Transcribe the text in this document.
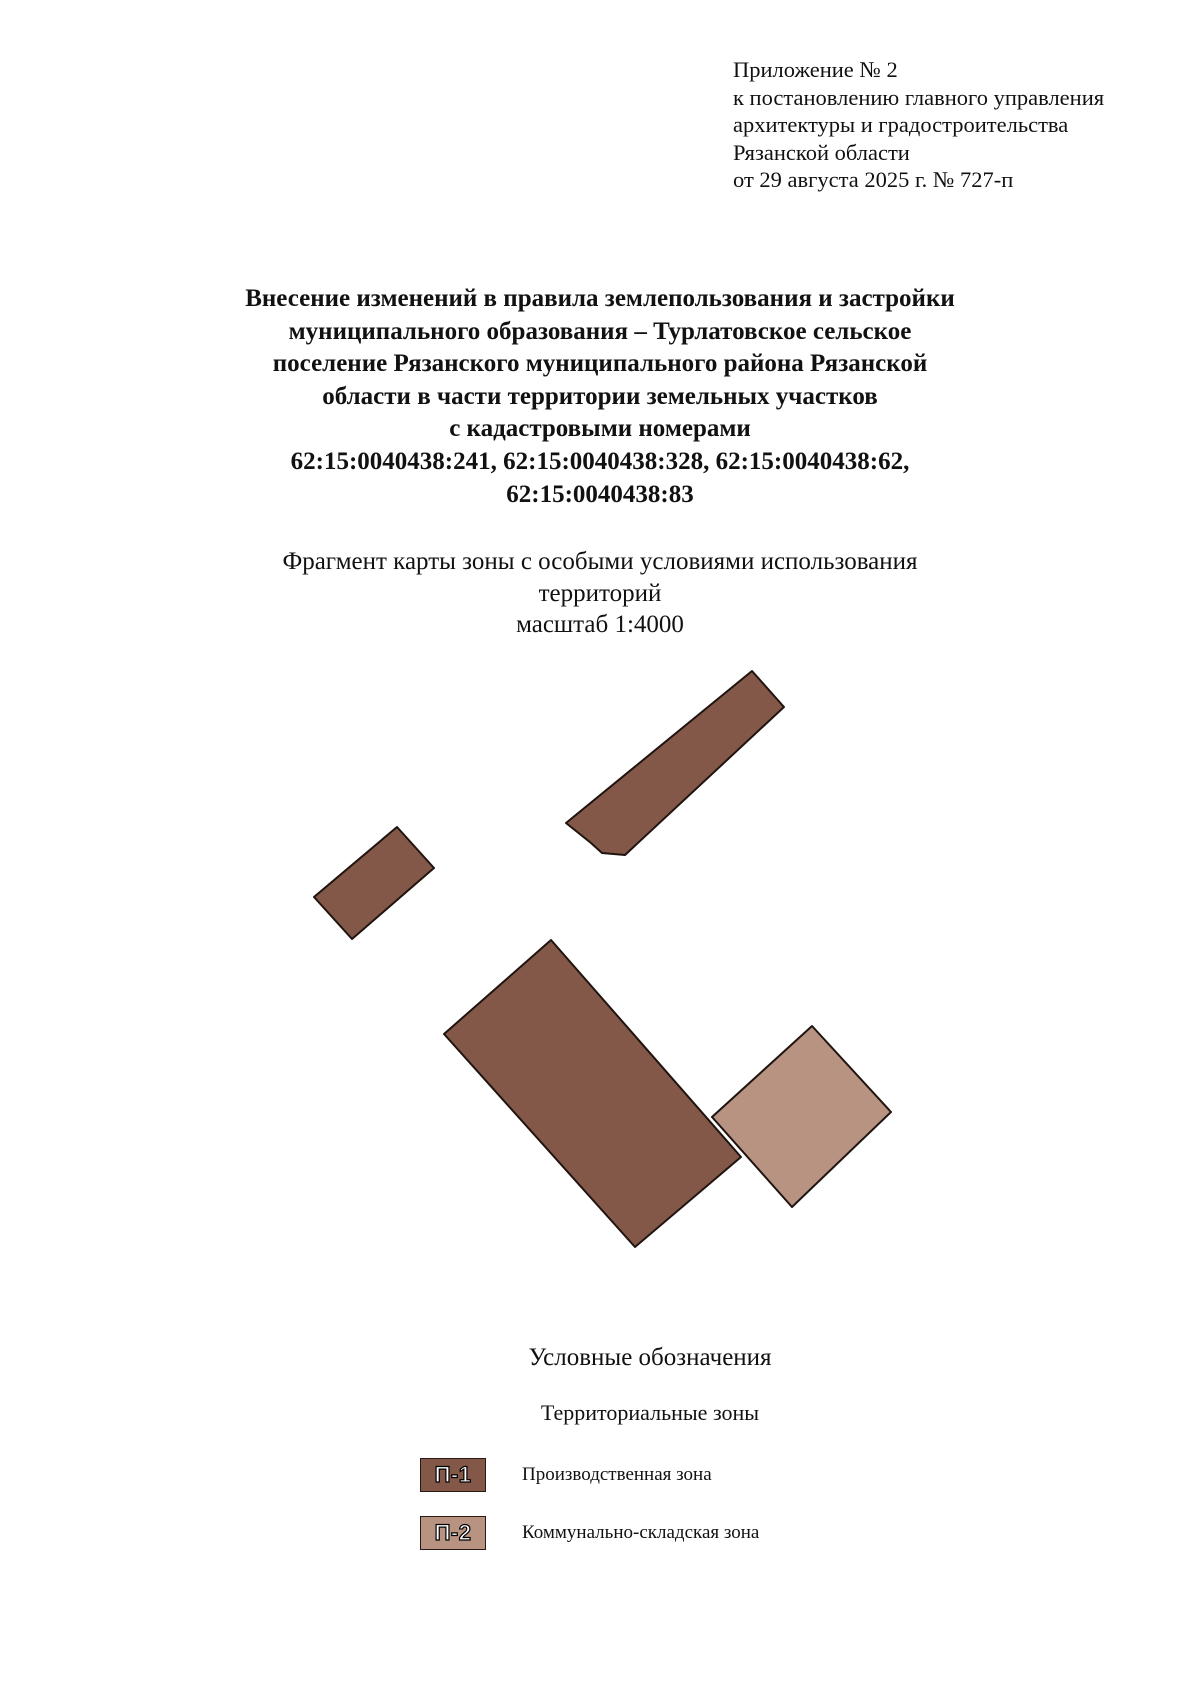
Приложение № 2
к постановлению главного управления
архитектуры и градостроительства
Рязанской области
от 29 августа 2025 г. № 727-п
Внесение изменений в правила землепользования и застройки
муниципального образования – Турлатовское сельское
поселение Рязанского муниципального района Рязанской
области в части территории земельных участков
с кадастровыми номерами
62:15:0040438:241, 62:15:0040438:328, 62:15:0040438:62,
62:15:0040438:83
Фрагмент карты зоны с особыми условиями использования
территорий
масштаб 1:4000
Условные обозначения
Территориальные зоны
П-1	Производственная зона
П-2	Коммунально-складская зона
